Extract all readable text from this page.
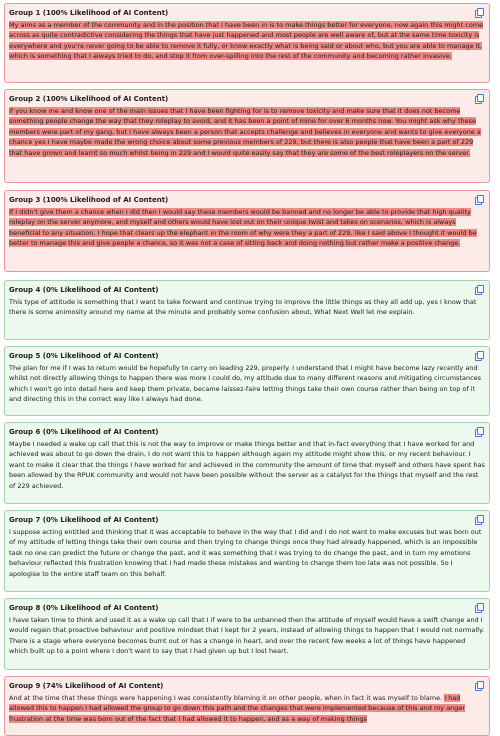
Group 1 (100% Likelihood of AI Content)

My aims as a member of the community and in the position that I have been in is to make things better for everyone, now again this might come across as quite contradictive considering the things that have just happened and most people are well aware of, but at the same time toxicity is everywhere and you're never going to be able to remove it fully, or know exactly what is being said or about who, but you are able to manage it, which is something that I always tried to do, and stop it from over-spilling into the rest of the community and becoming rather invasive.

Group 2 (100% Likelihood of AI Content)

If you know me and know one of the main issues that I have been fighting for is to remove toxicity and make sure that it does not become something people change the way that they roleplay to avoid, and it has been a point of mine for over 6 months now. You might ask why these members were part of my gang, but I have always been a person that accepts challenge and believes in everyone and wants to give everyone a chance yes I have maybe made the wrong choice about some previous members of 229, but there is also people that have been a part of 229 that have grown and learnt so much whilst being in 229 and I would quite easily say that they are some of the best roleplayers on the server.

Group 3 (100% Likelihood of AI Content)

If I didn't give them a chance when I did then I would say these members would be banned and no longer be able to provide that high quality roleplay on the server anymore, and myself and others would have lost out on their unique twist and takes on scenarios, which is always beneficial to any situation. I hope that clears up the elephant in the room of why were they a part of 229, like I said above I thought it would be better to manage this and give people a chance, so it was not a case of sitting back and doing nothing but rather make a positive change.

Group 4 (0% Likelihood of AI Content)

This type of attitude is something that I want to take forward and continue trying to improve the little things as they all add up, yes I know that there is some animosity around my name at the minute and probably some confusion about, What Next Well let me explain.

Group 5 (0% Likelihood of AI Content)

The plan for me if I was to return would be hopefully to carry on leading 229, properly. I understand that I might have become lazy recently and whilst not directly allowing things to happen there was more I could do, my attitude due to many different reasons and mitigating circumstances which I won't go into detail here and keep them private, became laissez-faire letting things take their own course rather than being on top of it and directing this in the correct way like I always had done.

Group 6 (0% Likelihood of AI Content)

Maybe I needed a wake up call that this is not the way to improve or make things better and that in-fact everything that I have worked for and achieved was about to go down the drain, I do not want this to happen although again my attitude might show this, or my recent behaviour. I want to make it clear that the things I have worked for and achieved in the community the amount of time that myself and others have spent has been allowed by the RPUK community and would not have been possible without the server as a catalyst for the things that myself and the rest of 229 achieved.

Group 7 (0% Likelihood of AI Content)

I suppose acting entitled and thinking that it was acceptable to behave in the way that I did and I do not want to make excuses but was born out of my attitude of letting things take their own course and then trying to change things once they had already happened, which is an impossible task no one can predict the future or change the past, and it was something that I was trying to do change the past, and in turn my emotions behaviour reflected this frustration knowing that I had made these mistakes and wanting to change them too late was not possible. So I apologise to the entire staff team on this behalf.

Group 8 (0% Likelihood of AI Content)

I have taken time to think and used it as a wake up call that I if were to be unbanned then the attitude of myself would have a swift change and I would regain that proactive behaviour and positive mindset that I kept for 2 years, instead of allowing things to happen that I would not normally. There is a stage where everyone becomes burnt out or has a change in heart, and over the recent few weeks a lot of things have happened which built up to a point where I don't want to say that I had given up but I lost heart.

Group 9 (74% Likelihood of AI Content)

And at the time that these things were happening I was consistently blaming it on other people, when in fact it was myself to blame. I had allowed this to happen I had allowed the group to go down this path and the changes that were implemented because of this and my anger frustration at the time was born out of the fact that I had allowed it to happen, and as a way of making things
